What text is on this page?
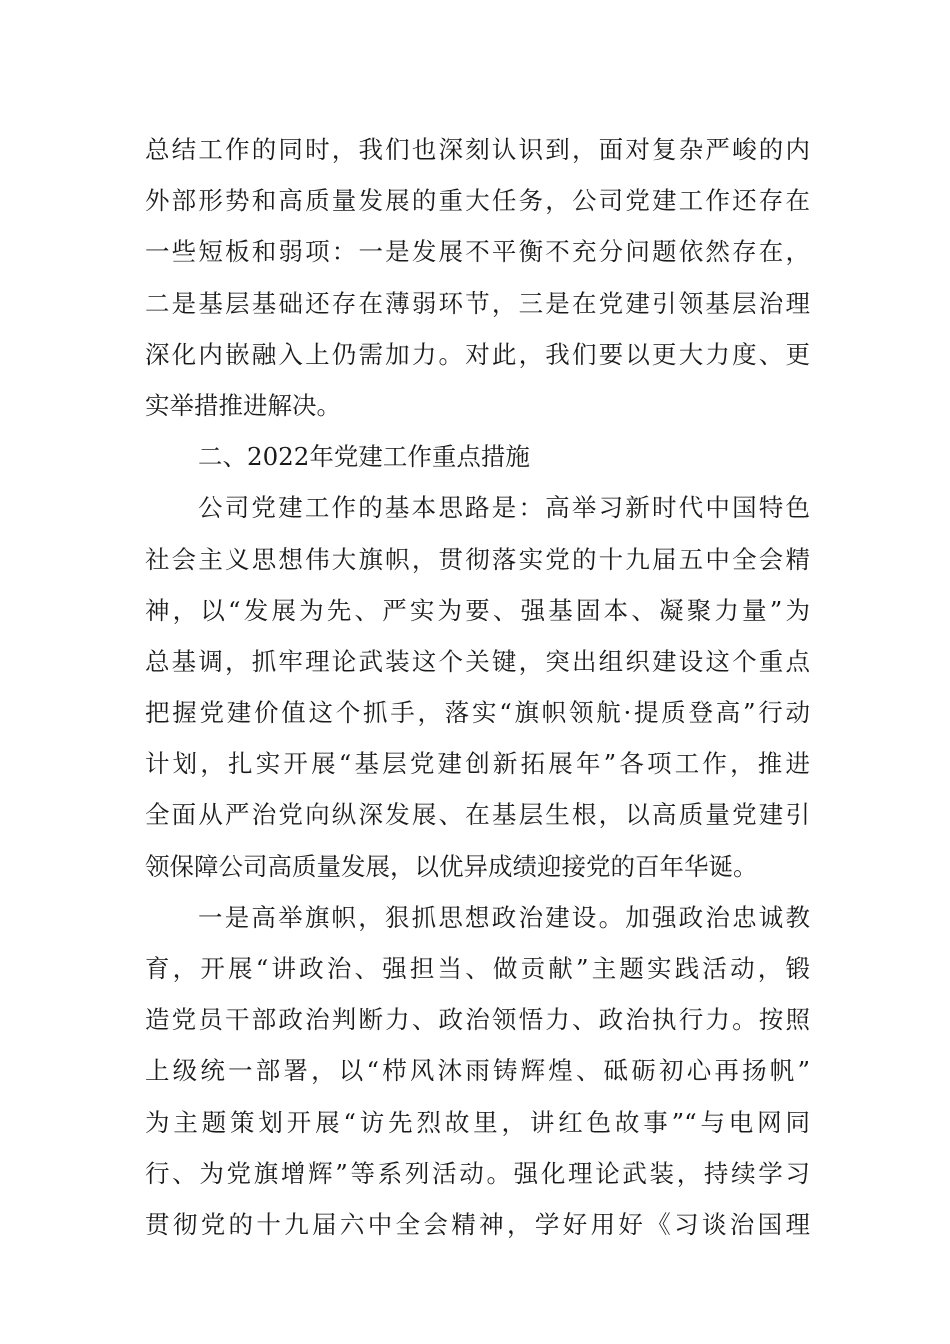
总结工作的同时，我们也深刻认识到，面对复杂严峻的内
外部形势和高质量发展的重大任务，公司党建工作还存在
一些短板和弱项：一是发展不平衡不充分问题依然存在，
二是基层基础还存在薄弱环节，三是在党建引领基层治理
深化内嵌融入上仍需加力。对此，我们要以更大力度、更
实举措推进解决。
二、2022年党建工作重点措施
公司党建工作的基本思路是：高举习新时代中国特色
社会主义思想伟大旗帜，贯彻落实党的十九届五中全会精
神，以“发展为先、严实为要、强基固本、凝聚力量”为
总基调，抓牢理论武装这个关键，突出组织建设这个重点
把握党建价值这个抓手，落实“旗帜领航·提质登高”行动
计划，扎实开展“基层党建创新拓展年”各项工作，推进
全面从严治党向纵深发展、在基层生根，以高质量党建引
领保障公司高质量发展，以优异成绩迎接党的百年华诞。
一是高举旗帜，狠抓思想政治建设。加强政治忠诚教
育，开展“讲政治、强担当、做贡献”主题实践活动，锻
造党员干部政治判断力、政治领悟力、政治执行力。按照
上级统一部署，以“栉风沐雨铸辉煌、砥砺初心再扬帆”
为主题策划开展“访先烈故里，讲红色故事”“与电网同
行、为党旗增辉”等系列活动。强化理论武装，持续学习
贯彻党的十九届六中全会精神，学好用好《习谈治国理
